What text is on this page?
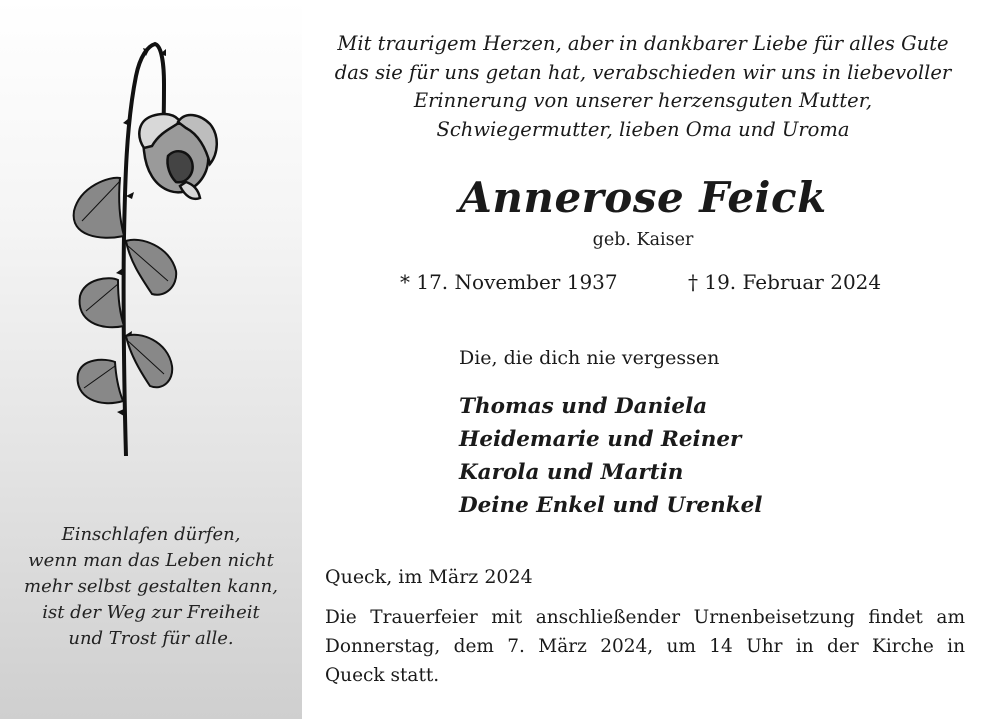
Einschlafen dürfen,
wenn man das Leben nicht
mehr selbst gestalten kann,
ist der Weg zur Freiheit
und Trost für alle.
Mit traurigem Herzen, aber in dankbarer Liebe für alles Gute
das sie für uns getan hat, verabschieden wir uns in liebevoller
Erinnerung von unserer herzensguten Mutter,
Schwiegermutter, lieben Oma und Uroma
Annerose Feick
geb. Kaiser
* 17. November 1937	† 19. Februar 2024
Die, die dich nie vergessen
Thomas und Daniela
Heidemarie und Reiner
Karola und Martin
Deine Enkel und Urenkel
Queck, im März 2024
Die Trauerfeier mit anschließender Urnenbeisetzung findet am
Donnerstag, dem 7. März 2024, um 14 Uhr in der Kirche in
Queck statt.
